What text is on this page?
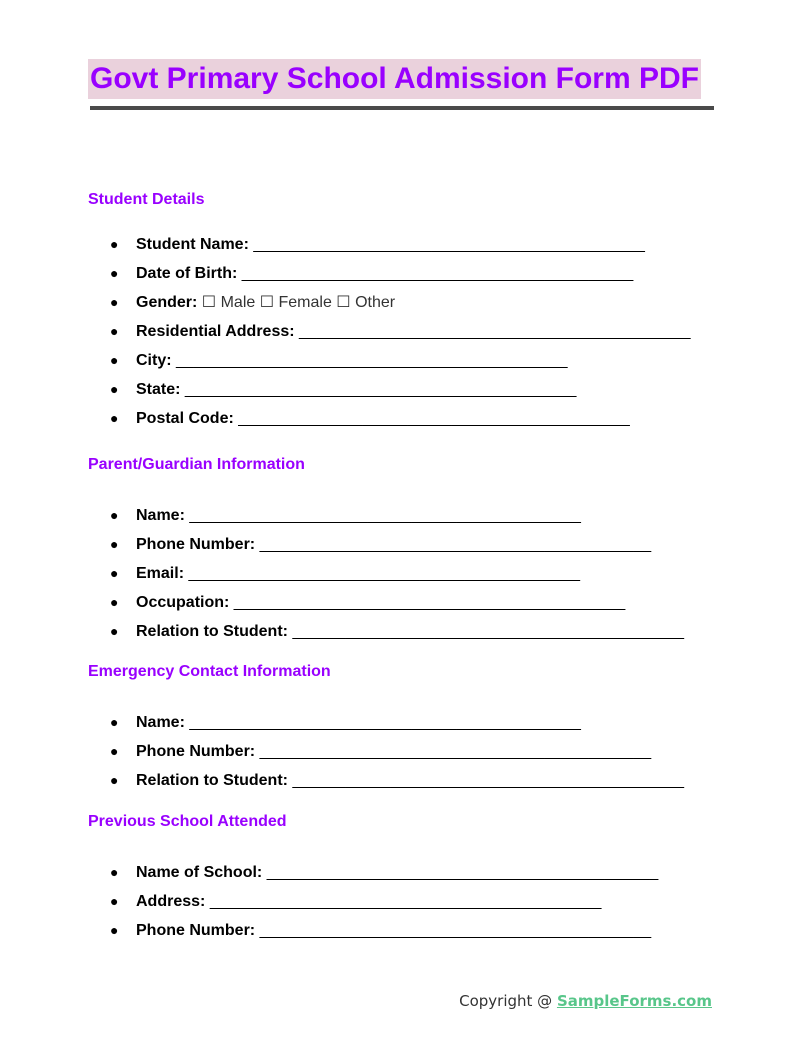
Govt Primary School Admission Form PDF
Student Details
● Student Name: ____________________________________________
● Date of Birth: ____________________________________________
● Gender: ☐ Male ☐ Female ☐ Other
● Residential Address: ____________________________________________
● City: ____________________________________________
● State: ____________________________________________
● Postal Code: ____________________________________________
Parent/Guardian Information
● Name: ____________________________________________
● Phone Number: ____________________________________________
● Email: ____________________________________________
● Occupation: ____________________________________________
● Relation to Student: ____________________________________________
Emergency Contact Information
● Name: ____________________________________________
● Phone Number: ____________________________________________
● Relation to Student: ____________________________________________
Previous School Attended
● Name of School: ____________________________________________
● Address: ____________________________________________
● Phone Number: ____________________________________________
Copyright @ SampleForms.com
